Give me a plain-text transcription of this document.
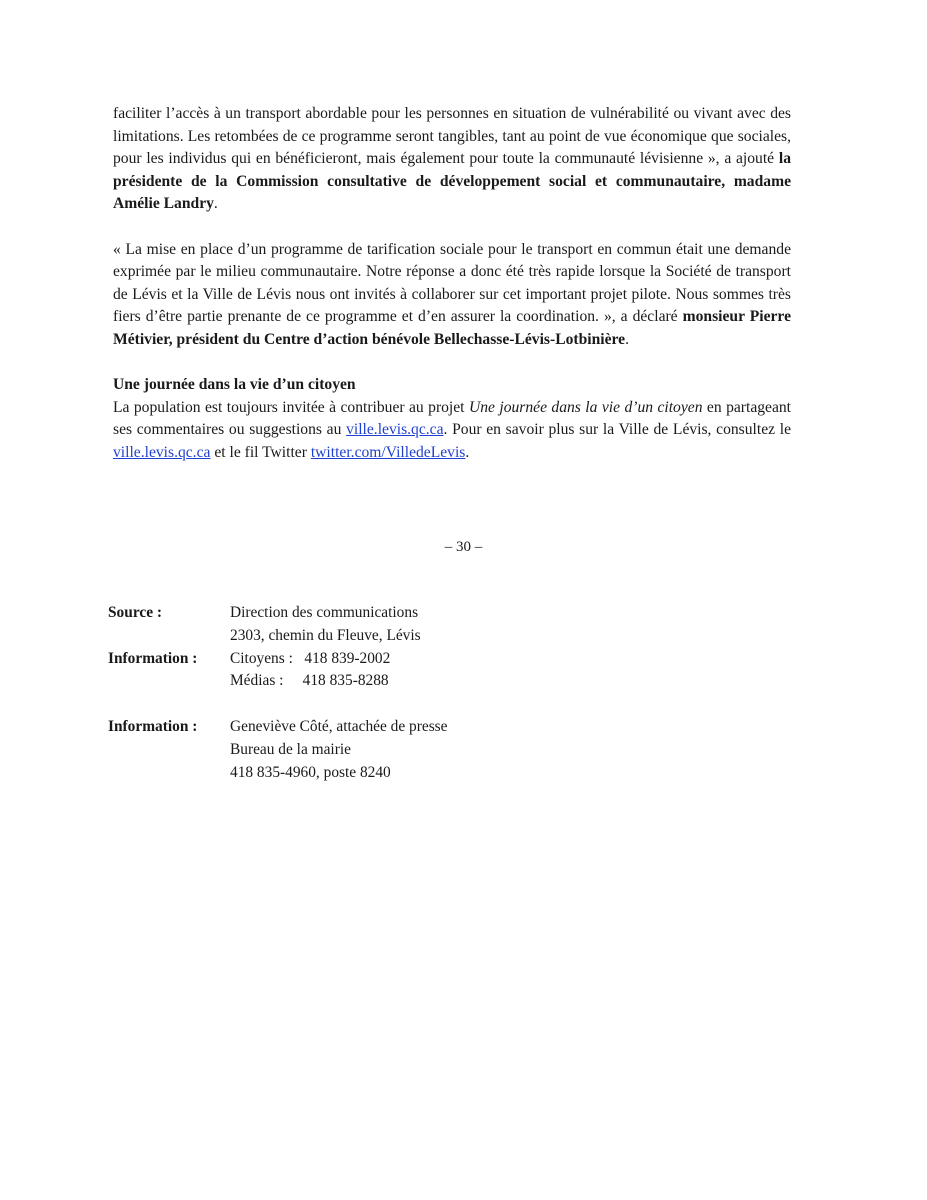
faciliter l’accès à un transport abordable pour les personnes en situation de vulnérabilité ou vivant avec des limitations. Les retombées de ce programme seront tangibles, tant au point de vue économique que sociales, pour les individus qui en bénéficieront, mais également pour toute la communauté lévisienne », a ajouté la présidente de la Commission consultative de développement social et communautaire, madame Amélie Landry.

« La mise en place d’un programme de tarification sociale pour le transport en commun était une demande exprimée par le milieu communautaire. Notre réponse a donc été très rapide lorsque la Société de transport de Lévis et la Ville de Lévis nous ont invités à collaborer sur cet important projet pilote. Nous sommes très fiers d’être partie prenante de ce programme et d’en assurer la coordination. », a déclaré monsieur Pierre Métivier, président du Centre d’action bénévole Bellechasse-Lévis-Lotbinière.

Une journée dans la vie d’un citoyen

La population est toujours invitée à contribuer au projet Une journée dans la vie d’un citoyen en partageant ses commentaires ou suggestions au ville.levis.qc.ca. Pour en savoir plus sur la Ville de Lévis, consultez le ville.levis.qc.ca et le fil Twitter twitter.com/VilledeLevis.

– 30 –
Source :	Direction des communications
2303, chemin du Fleuve, Lévis
Information :	Citoyens :   418 839-2002
Médias :     418 835-8288
Information :	Geneviève Côté, attachée de presse
Bureau de la mairie
418 835-4960, poste 8240
